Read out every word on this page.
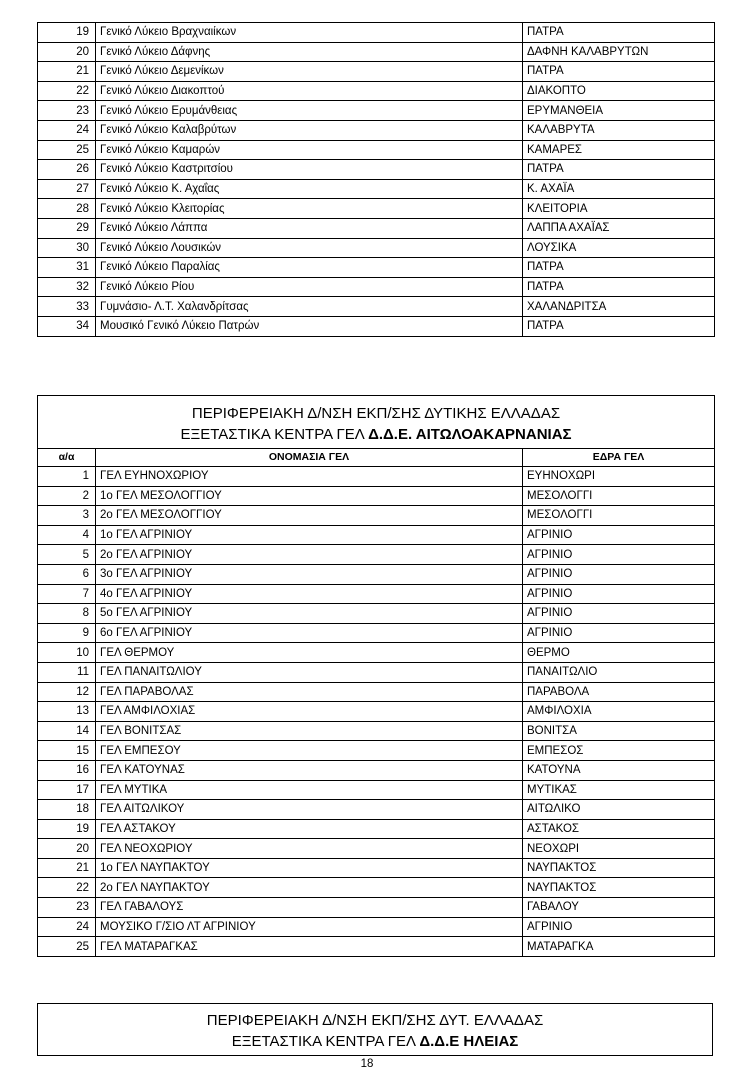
19	Γενικό Λύκειο Βραχναιίκων	ΠΑΤΡΑ
20	Γενικό Λύκειο Δάφνης	ΔΑΦΝΗ ΚΑΛΑΒΡΥΤΩΝ
21	Γενικό Λύκειο Δεμενίκων	ΠΑΤΡΑ
22	Γενικό Λύκειο Διακοπτού	ΔΙΑΚΟΠΤΟ
23	Γενικό Λύκειο Ερυμάνθειας	ΕΡΥΜΑΝΘΕΙΑ
24	Γενικό Λύκειο Καλαβρύτων	ΚΑΛΑΒΡΥΤΑ
25	Γενικό Λύκειο Καμαρών	ΚΑΜΑΡΕΣ
26	Γενικό Λύκειο Καστριτσίου	ΠΑΤΡΑ
27	Γενικό Λύκειο Κ. Αχαΐας	Κ. ΑΧΑΪΑ
28	Γενικό Λύκειο Κλειτορίας	ΚΛΕΙΤΟΡΙΑ
29	Γενικό Λύκειο Λάππα	ΛΑΠΠΑ ΑΧΑΪΑΣ
30	Γενικό Λύκειο Λουσικών	ΛΟΥΣΙΚΑ
31	Γενικό Λύκειο Παραλίας	ΠΑΤΡΑ
32	Γενικό Λύκειο Ρίου	ΠΑΤΡΑ
33	Γυμνάσιο- Λ.Τ. Χαλανδρίτσας	ΧΑΛΑΝΔΡΙΤΣΑ
34	Μουσικό Γενικό Λύκειο Πατρών	ΠΑΤΡΑ
ΠΕΡΙΦΕΡΕΙΑΚΗ Δ/ΝΣΗ ΕΚΠ/ΣΗΣ ΔΥΤΙΚΗΣ ΕΛΛΑΔΑΣ
ΕΞΕΤΑΣΤΙΚΑ ΚΕΝΤΡΑ ΓΕΛ Δ.Δ.Ε. ΑΙΤΩΛΟΑΚΑΡΝΑΝΙΑΣ		

α/α	ΟΝΟΜΑΣΙΑ ΓΕΛ	ΕΔΡΑ ΓΕΛ
1	ΓΕΛ ΕΥΗΝΟΧΩΡΙΟΥ	ΕΥΗΝΟΧΩΡΙ
2	1ο ΓΕΛ ΜΕΣΟΛΟΓΓΙΟΥ	ΜΕΣΟΛΟΓΓΙ
3	2ο ΓΕΛ ΜΕΣΟΛΟΓΓΙΟΥ	ΜΕΣΟΛΟΓΓΙ
4	1ο ΓΕΛ ΑΓΡΙΝΙΟΥ	ΑΓΡΙΝΙΟ
5	2ο ΓΕΛ ΑΓΡΙΝΙΟΥ	ΑΓΡΙΝΙΟ
6	3ο ΓΕΛ ΑΓΡΙΝΙΟΥ	ΑΓΡΙΝΙΟ
7	4ο ΓΕΛ ΑΓΡΙΝΙΟΥ	ΑΓΡΙΝΙΟ
8	5ο ΓΕΛ ΑΓΡΙΝΙΟΥ	ΑΓΡΙΝΙΟ
9	6ο ΓΕΛ ΑΓΡΙΝΙΟΥ	ΑΓΡΙΝΙΟ
10	ΓΕΛ ΘΕΡΜΟΥ	ΘΕΡΜΟ
11	ΓΕΛ ΠΑΝΑΙΤΩΛΙΟΥ	ΠΑΝΑΙΤΩΛΙΟ
12	ΓΕΛ ΠΑΡΑΒΟΛΑΣ	ΠΑΡΑΒΟΛΑ
13	ΓΕΛ ΑΜΦΙΛΟΧΙΑΣ	ΑΜΦΙΛΟΧΙΑ
14	ΓΕΛ ΒΟΝΙΤΣΑΣ	ΒΟΝΙΤΣΑ
15	ΓΕΛ ΕΜΠΕΣΟΥ	ΕΜΠΕΣΟΣ
16	ΓΕΛ ΚΑΤΟΥΝΑΣ	ΚΑΤΟΥΝΑ
17	ΓΕΛ ΜΥΤΙΚΑ	ΜΥΤΙΚΑΣ
18	ΓΕΛ ΑΙΤΩΛΙΚΟΥ	ΑΙΤΩΛΙΚΟ
19	ΓΕΛ ΑΣΤΑΚΟΥ	ΑΣΤΑΚΟΣ
20	ΓΕΛ ΝΕΟΧΩΡΙΟΥ	ΝΕΟΧΩΡΙ
21	1ο ΓΕΛ ΝΑΥΠΑΚΤΟΥ	ΝΑΥΠΑΚΤΟΣ
22	2ο ΓΕΛ ΝΑΥΠΑΚΤΟΥ	ΝΑΥΠΑΚΤΟΣ
23	ΓΕΛ ΓΑΒΑΛΟΥΣ	ΓΑΒΑΛΟΥ
24	ΜΟΥΣΙΚΟ Γ/ΣΙΟ ΛΤ ΑΓΡΙΝΙΟΥ	ΑΓΡΙΝΙΟ
25	ΓΕΛ ΜΑΤΑΡΑΓΚΑΣ	ΜΑΤΑΡΑΓΚΑ
ΠΕΡΙΦΕΡΕΙΑΚΗ Δ/ΝΣΗ ΕΚΠ/ΣΗΣ ΔΥΤ. ΕΛΛΑΔΑΣ
ΕΞΕΤΑΣΤΙΚΑ ΚΕΝΤΡΑ ΓΕΛ Δ.Δ.Ε ΗΛΕΙΑΣ
18
